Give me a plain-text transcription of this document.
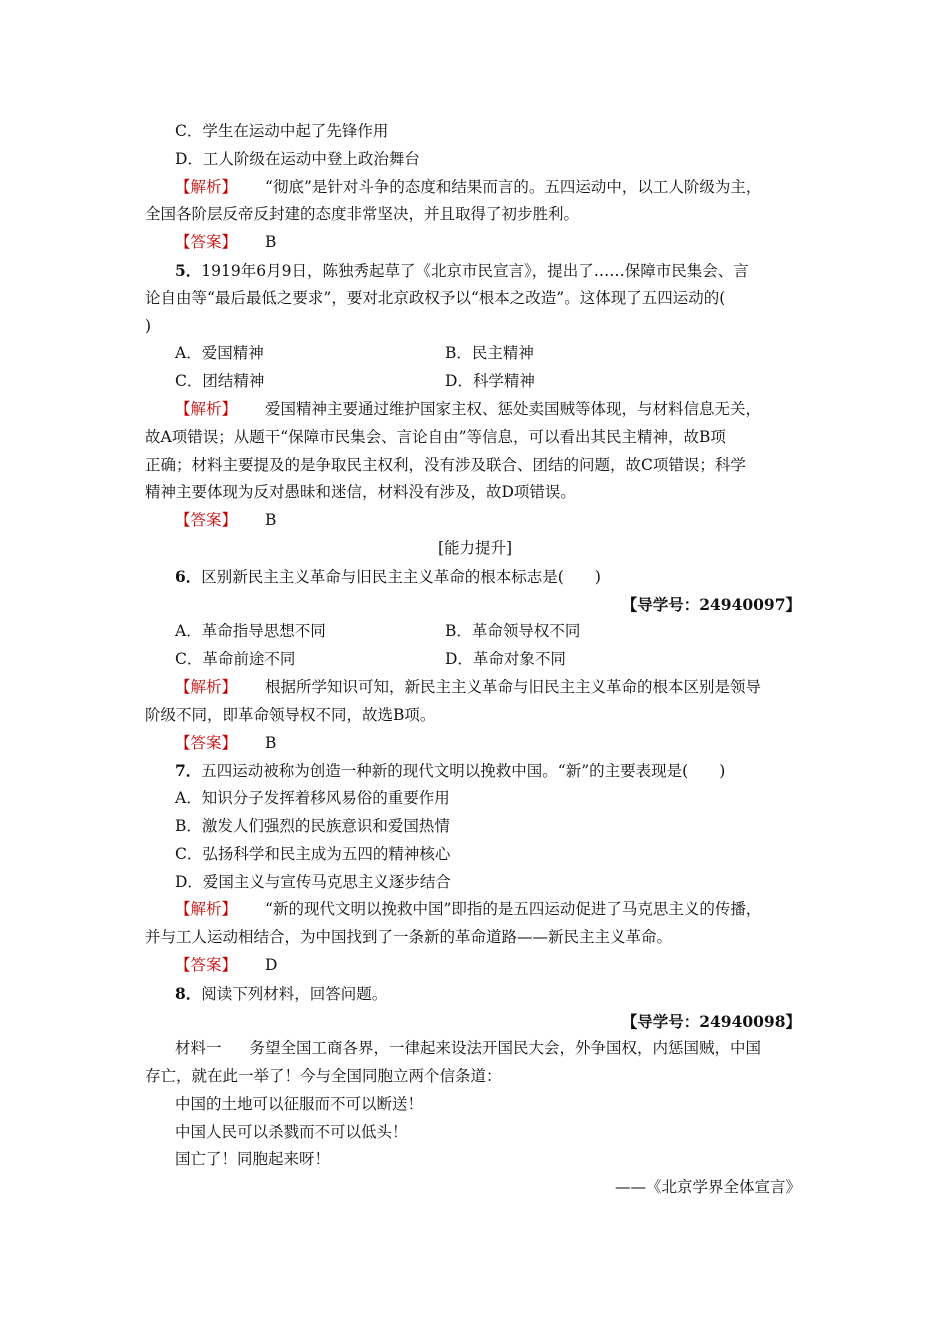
C．学生在运动中起了先锋作用
D．工人阶级在运动中登上政治舞台
【解析】 “彻底”是针对斗争的态度和结果而言的。五四运动中，以工人阶级为主，
全国各阶层反帝反封建的态度非常坚决，并且取得了初步胜利。
【答案】 B
5．1919年6月9日，陈独秀起草了《北京市民宣言》，提出了……保障市民集会、言
论自由等“最后最低之要求”，要对北京政权予以“根本之改造”。这体现了五四运动的(
)
A．爱国精神	B．民主精神
C．团结精神	D．科学精神
【解析】 爱国精神主要通过维护国家主权、惩处卖国贼等体现，与材料信息无关，
故A项错误；从题干“保障市民集会、言论自由”等信息，可以看出其民主精神，故B项
正确；材料主要提及的是争取民主权利，没有涉及联合、团结的问题，故C项错误；科学
精神主要体现为反对愚昧和迷信，材料没有涉及，故D项错误。
【答案】 B
[能力提升]
6．区别新民主主义革命与旧民主主义革命的根本标志是(　　)
【导学号：24940097】
A．革命指导思想不同	B．革命领导权不同
C．革命前途不同	D．革命对象不同
【解析】 根据所学知识可知，新民主主义革命与旧民主主义革命的根本区别是领导
阶级不同，即革命领导权不同，故选B项。
【答案】 B
7．五四运动被称为创造一种新的现代文明以挽救中国。“新”的主要表现是(　　)
A．知识分子发挥着移风易俗的重要作用
B．激发人们强烈的民族意识和爱国热情
C．弘扬科学和民主成为五四的精神核心
D．爱国主义与宣传马克思主义逐步结合
【解析】 “新的现代文明以挽救中国”即指的是五四运动促进了马克思主义的传播，
并与工人运动相结合，为中国找到了一条新的革命道路——新民主主义革命。
【答案】 D
8．阅读下列材料，回答问题。
【导学号：24940098】
材料一 务望全国工商各界，一律起来设法开国民大会，外争国权，内惩国贼，中国
存亡，就在此一举了！今与全国同胞立两个信条道：
中国的土地可以征服而不可以断送！
中国人民可以杀戮而不可以低头！
国亡了！同胞起来呀！
——《北京学界全体宣言》
